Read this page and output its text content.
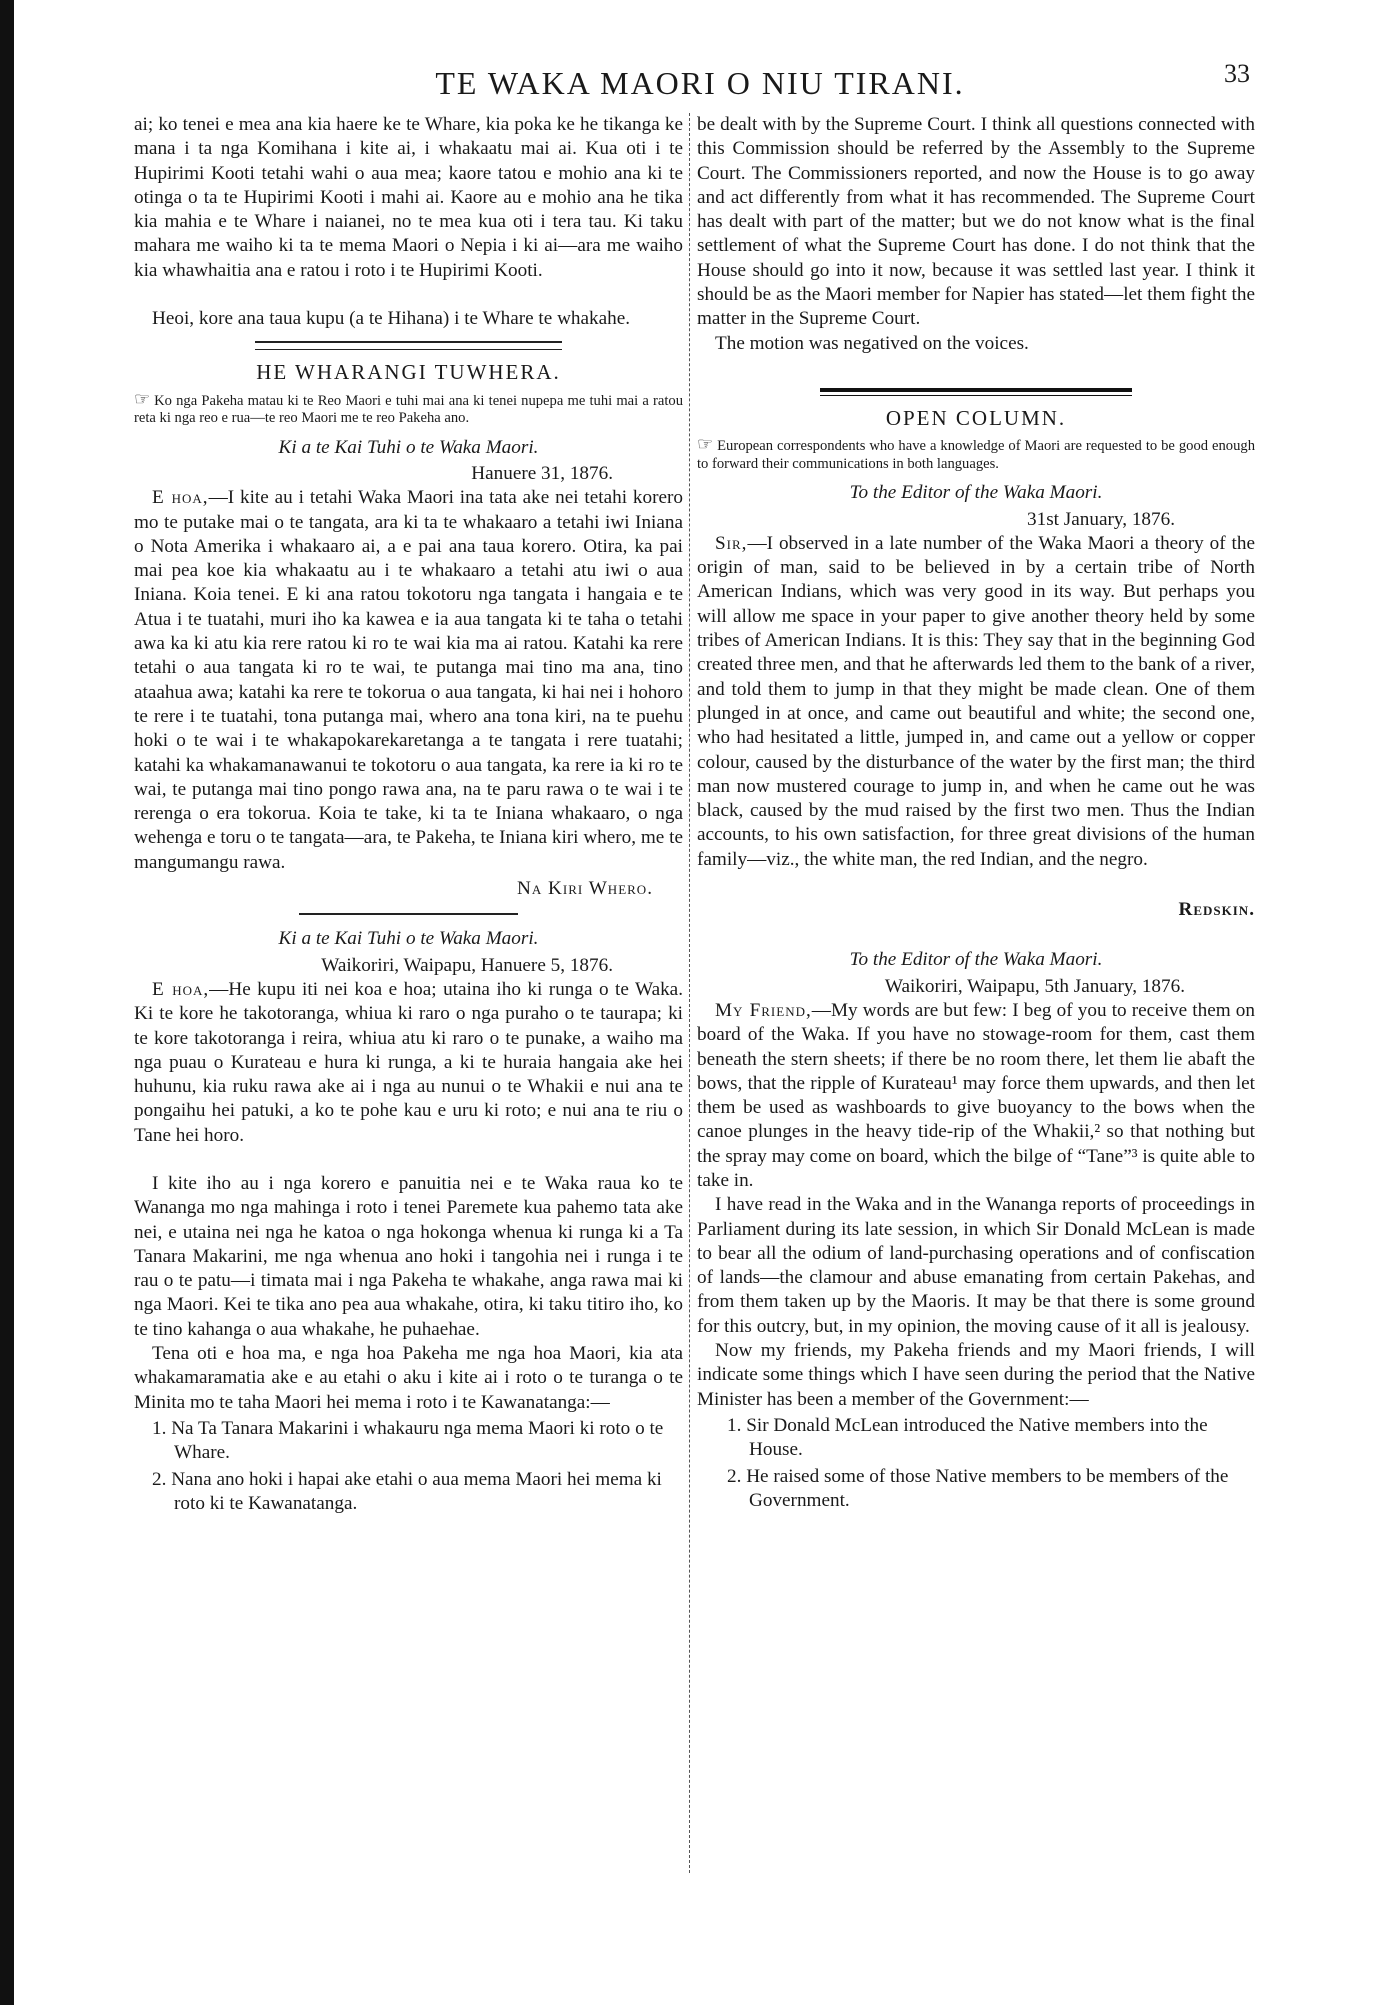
TE WAKA MAORI O NIU TIRANI.	33

ai; ko tenei e mea ana kia haere ke te Whare, kia poka ke he tikanga ke mana i ta nga Komihana i kite ai, i whakaatu mai ai. Kua oti i te Hupirimi Kooti tetahi wahi o aua mea; kaore tatou e mohio ana ki te otinga o ta te Hupirimi Kooti i mahi ai. Kaore au e mohio ana he tika kia mahia e te Whare i naianei, no te mea kua oti i tera tau. Ki taku mahara me waiho ki ta te mema Maori o Nepia i ki ai—ara me waiho kia whawhaitia ana e ratou i roto i te Hupirimi Kooti.

Heoi, kore ana taua kupu (a te Hihana) i te Whare te whakahe.

HE WHARANGI TUWHERA.
☞ Ko nga Pakeha matau ki te Reo Maori e tuhi mai ana ki tenei nupepa me tuhi mai a ratou reta ki nga reo e rua—te reo Maori me te reo Pakeha ano.
Ki a te Kai Tuhi o te Waka Maori.
Hanuere 31, 1876.

E hoa,—I kite au i tetahi Waka Maori ina tata ake nei tetahi korero mo te putake mai o te tangata, ara ki ta te whakaaro a tetahi iwi Iniana o Nota Amerika i whakaaro ai, a e pai ana taua korero. Otira, ka pai mai pea koe kia whakaatu au i te whakaaro a tetahi atu iwi o aua Iniana. Koia tenei. E ki ana ratou tokotoru nga tangata i hangaia e te Atua i te tuatahi, muri iho ka kawea e ia aua tangata ki te taha o tetahi awa ka ki atu kia rere ratou ki ro te wai kia ma ai ratou. Katahi ka rere tetahi o aua tangata ki ro te wai, te putanga mai tino ma ana, tino ataahua awa; katahi ka rere te tokorua o aua tangata, ki hai nei i hohoro te rere i te tuatahi, tona putanga mai, whero ana tona kiri, na te puehu hoki o te wai i te whakapokarekaretanga a te tangata i rere tuatahi; katahi ka whakamanawanui te tokotoru o aua tangata, ka rere ia ki ro te wai, te putanga mai tino pongo rawa ana, na te paru rawa o te wai i te rerenga o era tokorua. Koia te take, ki ta te Iniana whakaaro, o nga wehenga e toru o te tangata—ara, te Pakeha, te Iniana kiri whero, me te mangumangu rawa.

Na Kiri Whero.
Ki a te Kai Tuhi o te Waka Maori.
Waikoriri, Waipapu, Hanuere 5, 1876.

E hoa,—He kupu iti nei koa e hoa; utaina iho ki runga o te Waka. Ki te kore he takotoranga, whiua ki raro o nga puraho o te taurapa; ki te kore takotoranga i reira, whiua atu ki raro o te punake, a waiho ma nga puau o Kurateau e hura ki runga, a ki te huraia hangaia ake hei huhunu, kia ruku rawa ake ai i nga au nunui o te Whakii e nui ana te pongaihu hei patuki, a ko te pohe kau e uru ki roto; e nui ana te riu o Tane hei horo.

I kite iho au i nga korero e panuitia nei e te Waka raua ko te Wananga mo nga mahinga i roto i tenei Paremete kua pahemo tata ake nei, e utaina nei nga he katoa o nga hokonga whenua ki runga ki a Ta Tanara Makarini, me nga whenua ano hoki i tangohia nei i runga i te rau o te patu—i timata mai i nga Pakeha te whakahe, anga rawa mai ki nga Maori. Kei te tika ano pea aua whakahe, otira, ki taku titiro iho, ko te tino kahanga o aua whakahe, he puhaehae.

Tena oti e hoa ma, e nga hoa Pakeha me nga hoa Maori, kia ata whakamaramatia ake e au etahi o aku i kite ai i roto o te turanga o te Minita mo te taha Maori hei mema i roto i te Kawanatanga:—

1. Na Ta Tanara Makarini i whakauru nga mema Maori ki roto o te Whare.

2. Nana ano hoki i hapai ake etahi o aua mema Maori hei mema ki roto ki te Kawanatanga.

be dealt with by the Supreme Court. I think all questions connected with this Commission should be referred by the Assembly to the Supreme Court. The Commissioners reported, and now the House is to go away and act differently from what it has recommended. The Supreme Court has dealt with part of the matter; but we do not know what is the final settlement of what the Supreme Court has done. I do not think that the House should go into it now, because it was settled last year. I think it should be as the Maori member for Napier has stated—let them fight the matter in the Supreme Court.

The motion was negatived on the voices.

OPEN COLUMN.
☞ European correspondents who have a knowledge of Maori are requested to be good enough to forward their communications in both languages.
To the Editor of the Waka Maori.
31st January, 1876.

Sir,—I observed in a late number of the Waka Maori a theory of the origin of man, said to be believed in by a certain tribe of North American Indians, which was very good in its way. But perhaps you will allow me space in your paper to give another theory held by some tribes of American Indians. It is this: They say that in the beginning God created three men, and that he afterwards led them to the bank of a river, and told them to jump in that they might be made clean. One of them plunged in at once, and came out beautiful and white; the second one, who had hesitated a little, jumped in, and came out a yellow or copper colour, caused by the disturbance of the water by the first man; the third man now mustered courage to jump in, and when he came out he was black, caused by the mud raised by the first two men. Thus the Indian accounts, to his own satisfaction, for three great divisions of the human family—viz., the white man, the red Indian, and the negro.

Redskin.
To the Editor of the Waka Maori.
Waikoriri, Waipapu, 5th January, 1876.

My Friend,—My words are but few: I beg of you to receive them on board of the Waka. If you have no stowage-room for them, cast them beneath the stern sheets; if there be no room there, let them lie abaft the bows, that the ripple of Kurateau¹ may force them upwards, and then let them be used as washboards to give buoyancy to the bows when the canoe plunges in the heavy tide-rip of the Whakii,² so that nothing but the spray may come on board, which the bilge of “Tane”³ is quite able to take in.

I have read in the Waka and in the Wananga reports of proceedings in Parliament during its late session, in which Sir Donald McLean is made to bear all the odium of land-purchasing operations and of confiscation of lands—the clamour and abuse emanating from certain Pakehas, and from them taken up by the Maoris. It may be that there is some ground for this outcry, but, in my opinion, the moving cause of it all is jealousy.

Now my friends, my Pakeha friends and my Maori friends, I will indicate some things which I have seen during the period that the Native Minister has been a member of the Government:—

1. Sir Donald McLean introduced the Native members into the House.

2. He raised some of those Native members to be members of the Government.
